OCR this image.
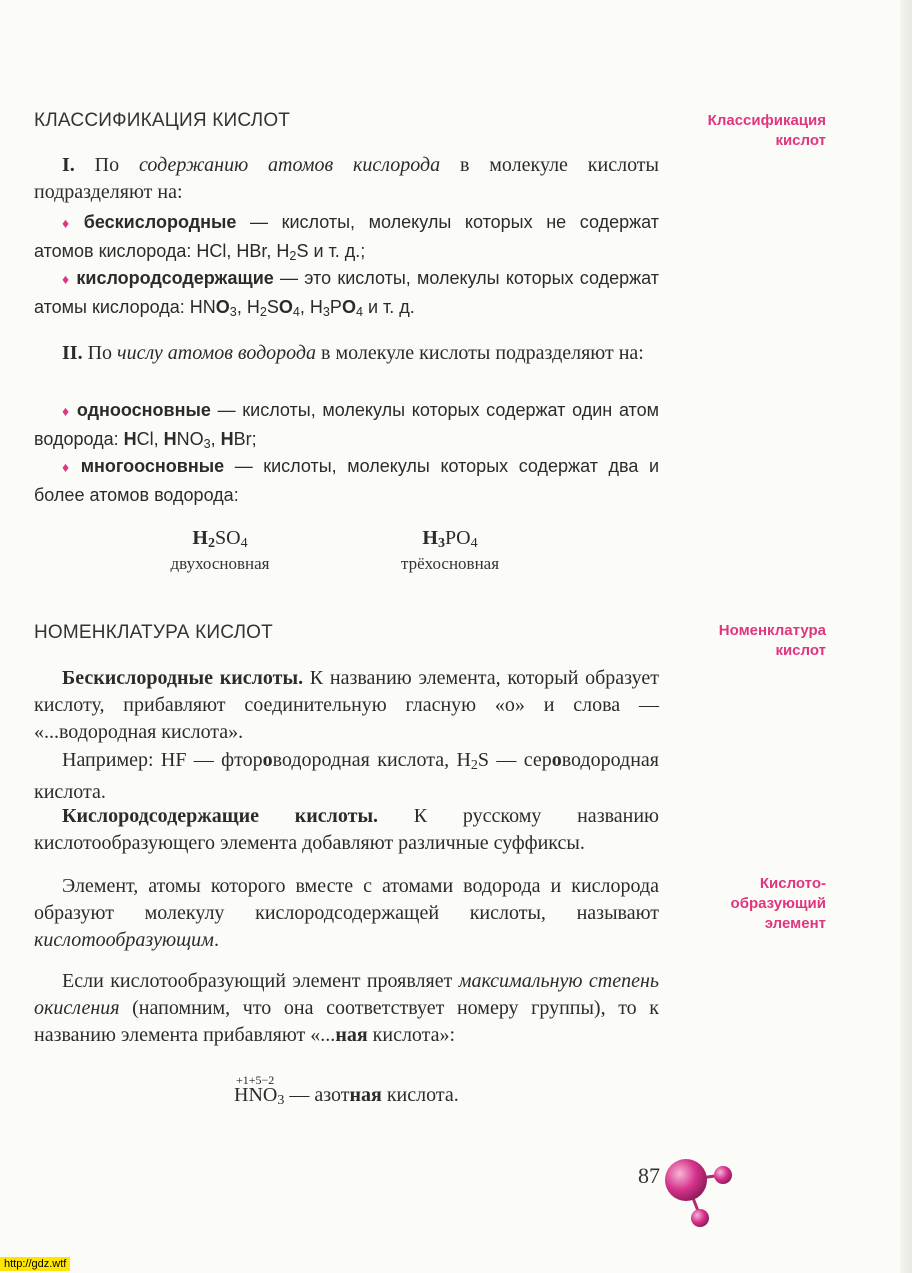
КЛАССИФИКАЦИЯ КИСЛОТ	Классификация
кислот
I. По содержанию атомов кислорода в молекуле кислоты подразделяют на:
♦ бескислородные — кислоты, молекулы которых не содержат атомов кислорода: HCl, HBr, $H_2S$ и т. д.;
♦ кислородсодержащие — это кислоты, молекулы которых содержат атомы кислорода: $HNO_3$, $H_2SO_4$, $H_3PO_4$ и т. д.
II. По числу атомов водорода в молекуле кислоты подразделяют на:
♦ одноосновные — кислоты, молекулы которых содержат один атом водорода: HCl, $HNO_3$, HBr;
♦ многоосновные — кислоты, молекулы которых содержат два и более атомов водорода:
$H_2SO_4$
двухосновная
$H_3PO_4$
трёхосновная
НОМЕНКЛАТУРА КИСЛОТ	Номенклатура
кислот
Бескислородные кислоты. К названию элемента, который образует кислоту, прибавляют соединительную гласную «о» и слова — «...водородная кислота».
Например: HF — фтороводородная кислота, $H_2S$ — сероводородная кислота.
Кислородсодержащие кислоты. К русскому названию кислотообразующего элемента добавляют различные суффиксы.
Кислото-
образующий
элемент
Элемент, атомы которого вместе с атомами водорода и кислорода образуют молекулу кислородсодержащей кислоты, называют кислотообразующим.
Если кислотообразующий элемент проявляет максимальную степень окисления (напомним, что она соответствует номеру группы), то к названию элемента прибавляют «...ная кислота»:
+1+5−2
$HNO_3$ — азотная кислота.
87
http://gdz.wtf
